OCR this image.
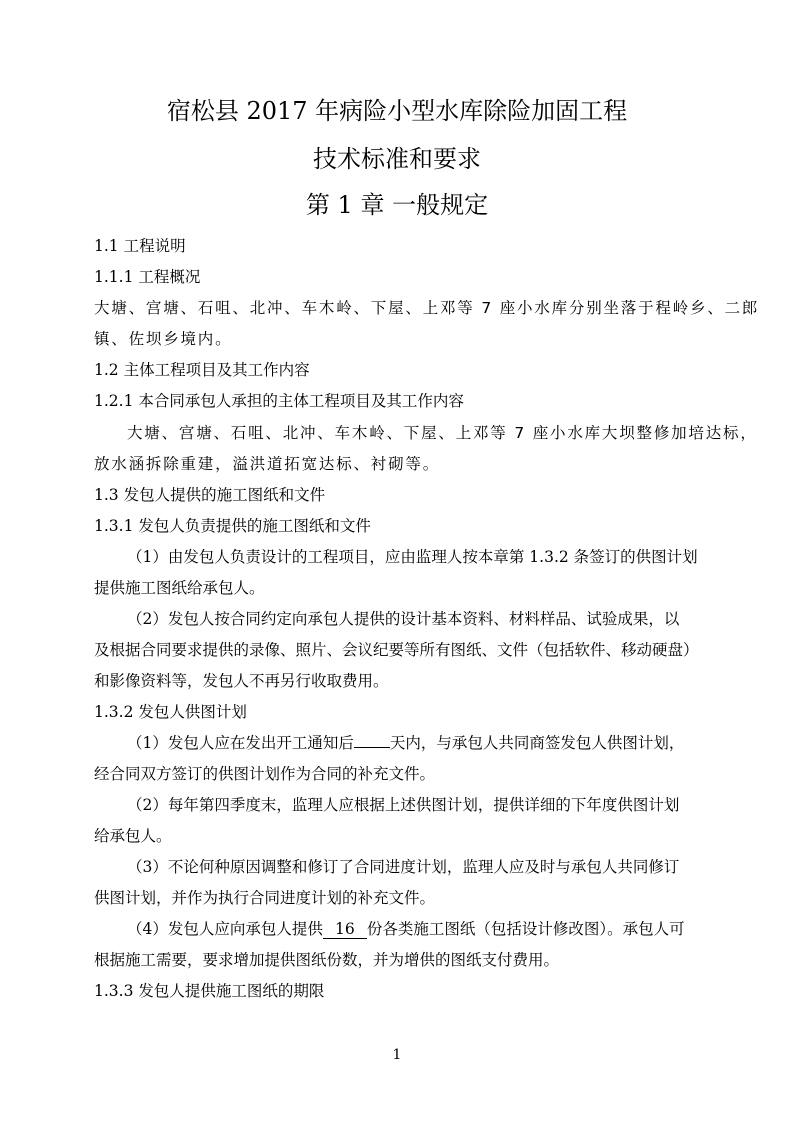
宿松县 2017 年病险小型水库除险加固工程
技术标准和要求
第 1 章 一般规定
1.1 工程说明
1.1.1 工程概况
大塘、宫塘、石咀、北冲、车木岭、下屋、上邓等 7 座小水库分别坐落于程岭乡、二郎
镇、佐坝乡境内。
1.2 主体工程项目及其工作内容
1.2.1 本合同承包人承担的主体工程项目及其工作内容
大塘、宫塘、石咀、北冲、车木岭、下屋、上邓等 7 座小水库大坝整修加培达标，
放水涵拆除重建，溢洪道拓宽达标、衬砌等。
1.3 发包人提供的施工图纸和文件
1.3.1 发包人负责提供的施工图纸和文件
（1）由发包人负责设计的工程项目，应由监理人按本章第 1.3.2 条签订的供图计划
提供施工图纸给承包人。
（2）发包人按合同约定向承包人提供的设计基本资料、材料样品、试验成果，以
及根据合同要求提供的录像、照片、会议纪要等所有图纸、文件（包括软件、移动硬盘）
和影像资料等，发包人不再另行收取费用。
1.3.2 发包人供图计划
（1）发包人应在发出开工通知后 天内，与承包人共同商签发包人供图计划，
经合同双方签订的供图计划作为合同的补充文件。
（2）每年第四季度末，监理人应根据上述供图计划，提供详细的下年度供图计划
给承包人。
（3）不论何种原因调整和修订了合同进度计划，监理人应及时与承包人共同修订
供图计划，并作为执行合同进度计划的补充文件。
（4）发包人应向承包人提供 16 份各类施工图纸（包括设计修改图）。承包人可
根据施工需要，要求增加提供图纸份数，并为增供的图纸支付费用。
1.3.3 发包人提供施工图纸的期限
1
